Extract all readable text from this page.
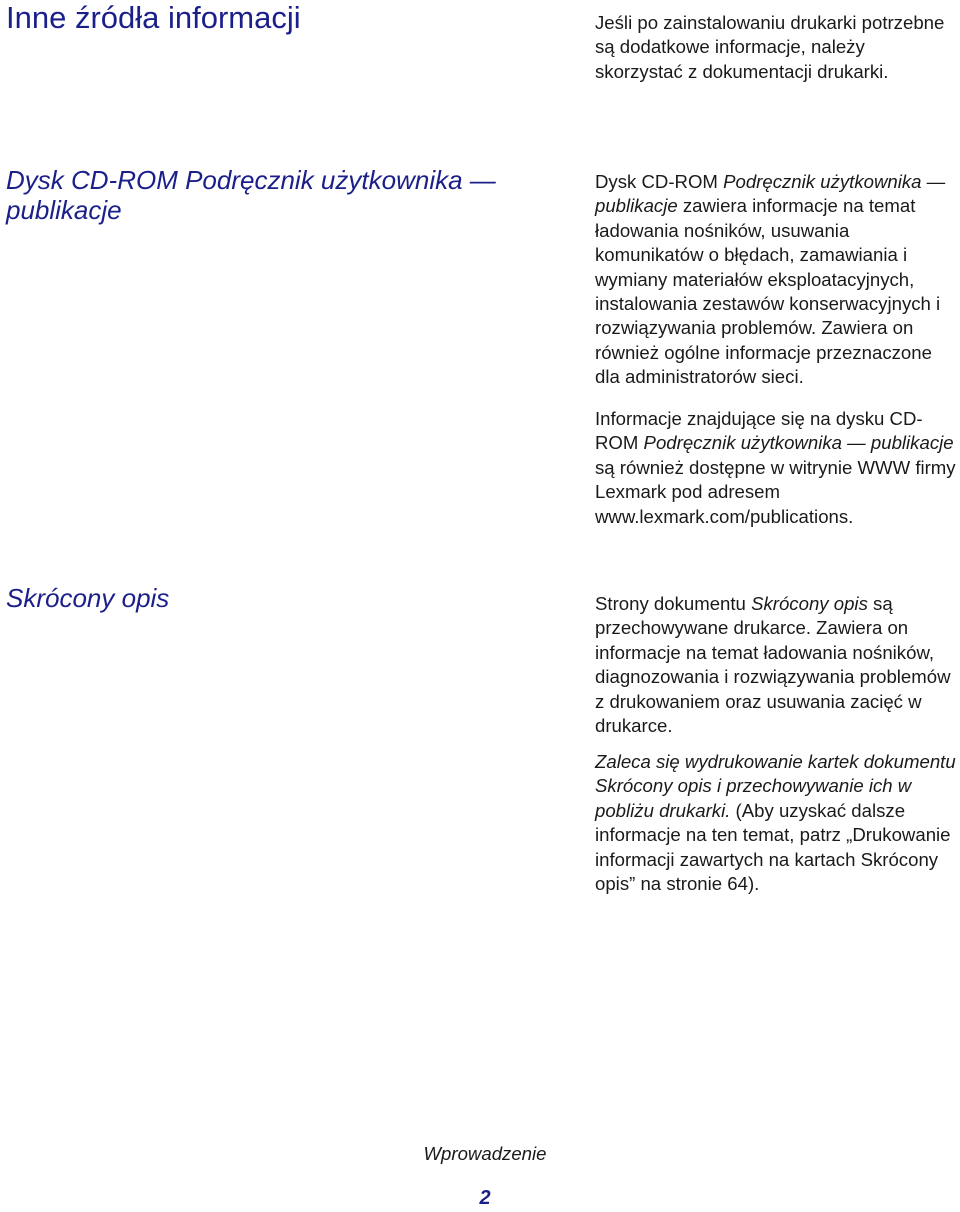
Inne źródła informacji	Jeśli po zainstalowaniu drukarki potrzebne są dodatkowe informacje, należy skorzystać z dokumentacji drukarki.

Dysk CD-ROM Podręcznik użytkownika — publikacje

Dysk CD-ROM Podręcznik użytkownika — publikacje zawiera informacje na temat ładowania nośników, usuwania komunikatów o błędach, zamawiania i wymiany materiałów eksploatacyjnych, instalowania zestawów konserwacyjnych i rozwiązywania problemów. Zawiera on również ogólne informacje przeznaczone dla administratorów sieci.

Informacje znajdujące się na dysku CD-ROM Podręcznik użytkownika — publikacje są również dostępne w witrynie WWW firmy Lexmark pod adresem www.lexmark.com/publications.

Skrócony opis	Strony dokumentu Skrócony opis są przechowywane drukarce. Zawiera on informacje na temat ładowania nośników, diagnozowania i rozwiązywania problemów z drukowaniem oraz usuwania zacięć w drukarce.

Zaleca się wydrukowanie kartek dokumentu Skrócony opis i przechowywanie ich w pobliżu drukarki. (Aby uzyskać dalsze informacje na ten temat, patrz „Drukowanie informacji zawartych na kartach Skrócony opis” na stronie 64).

Wprowadzenie
2
